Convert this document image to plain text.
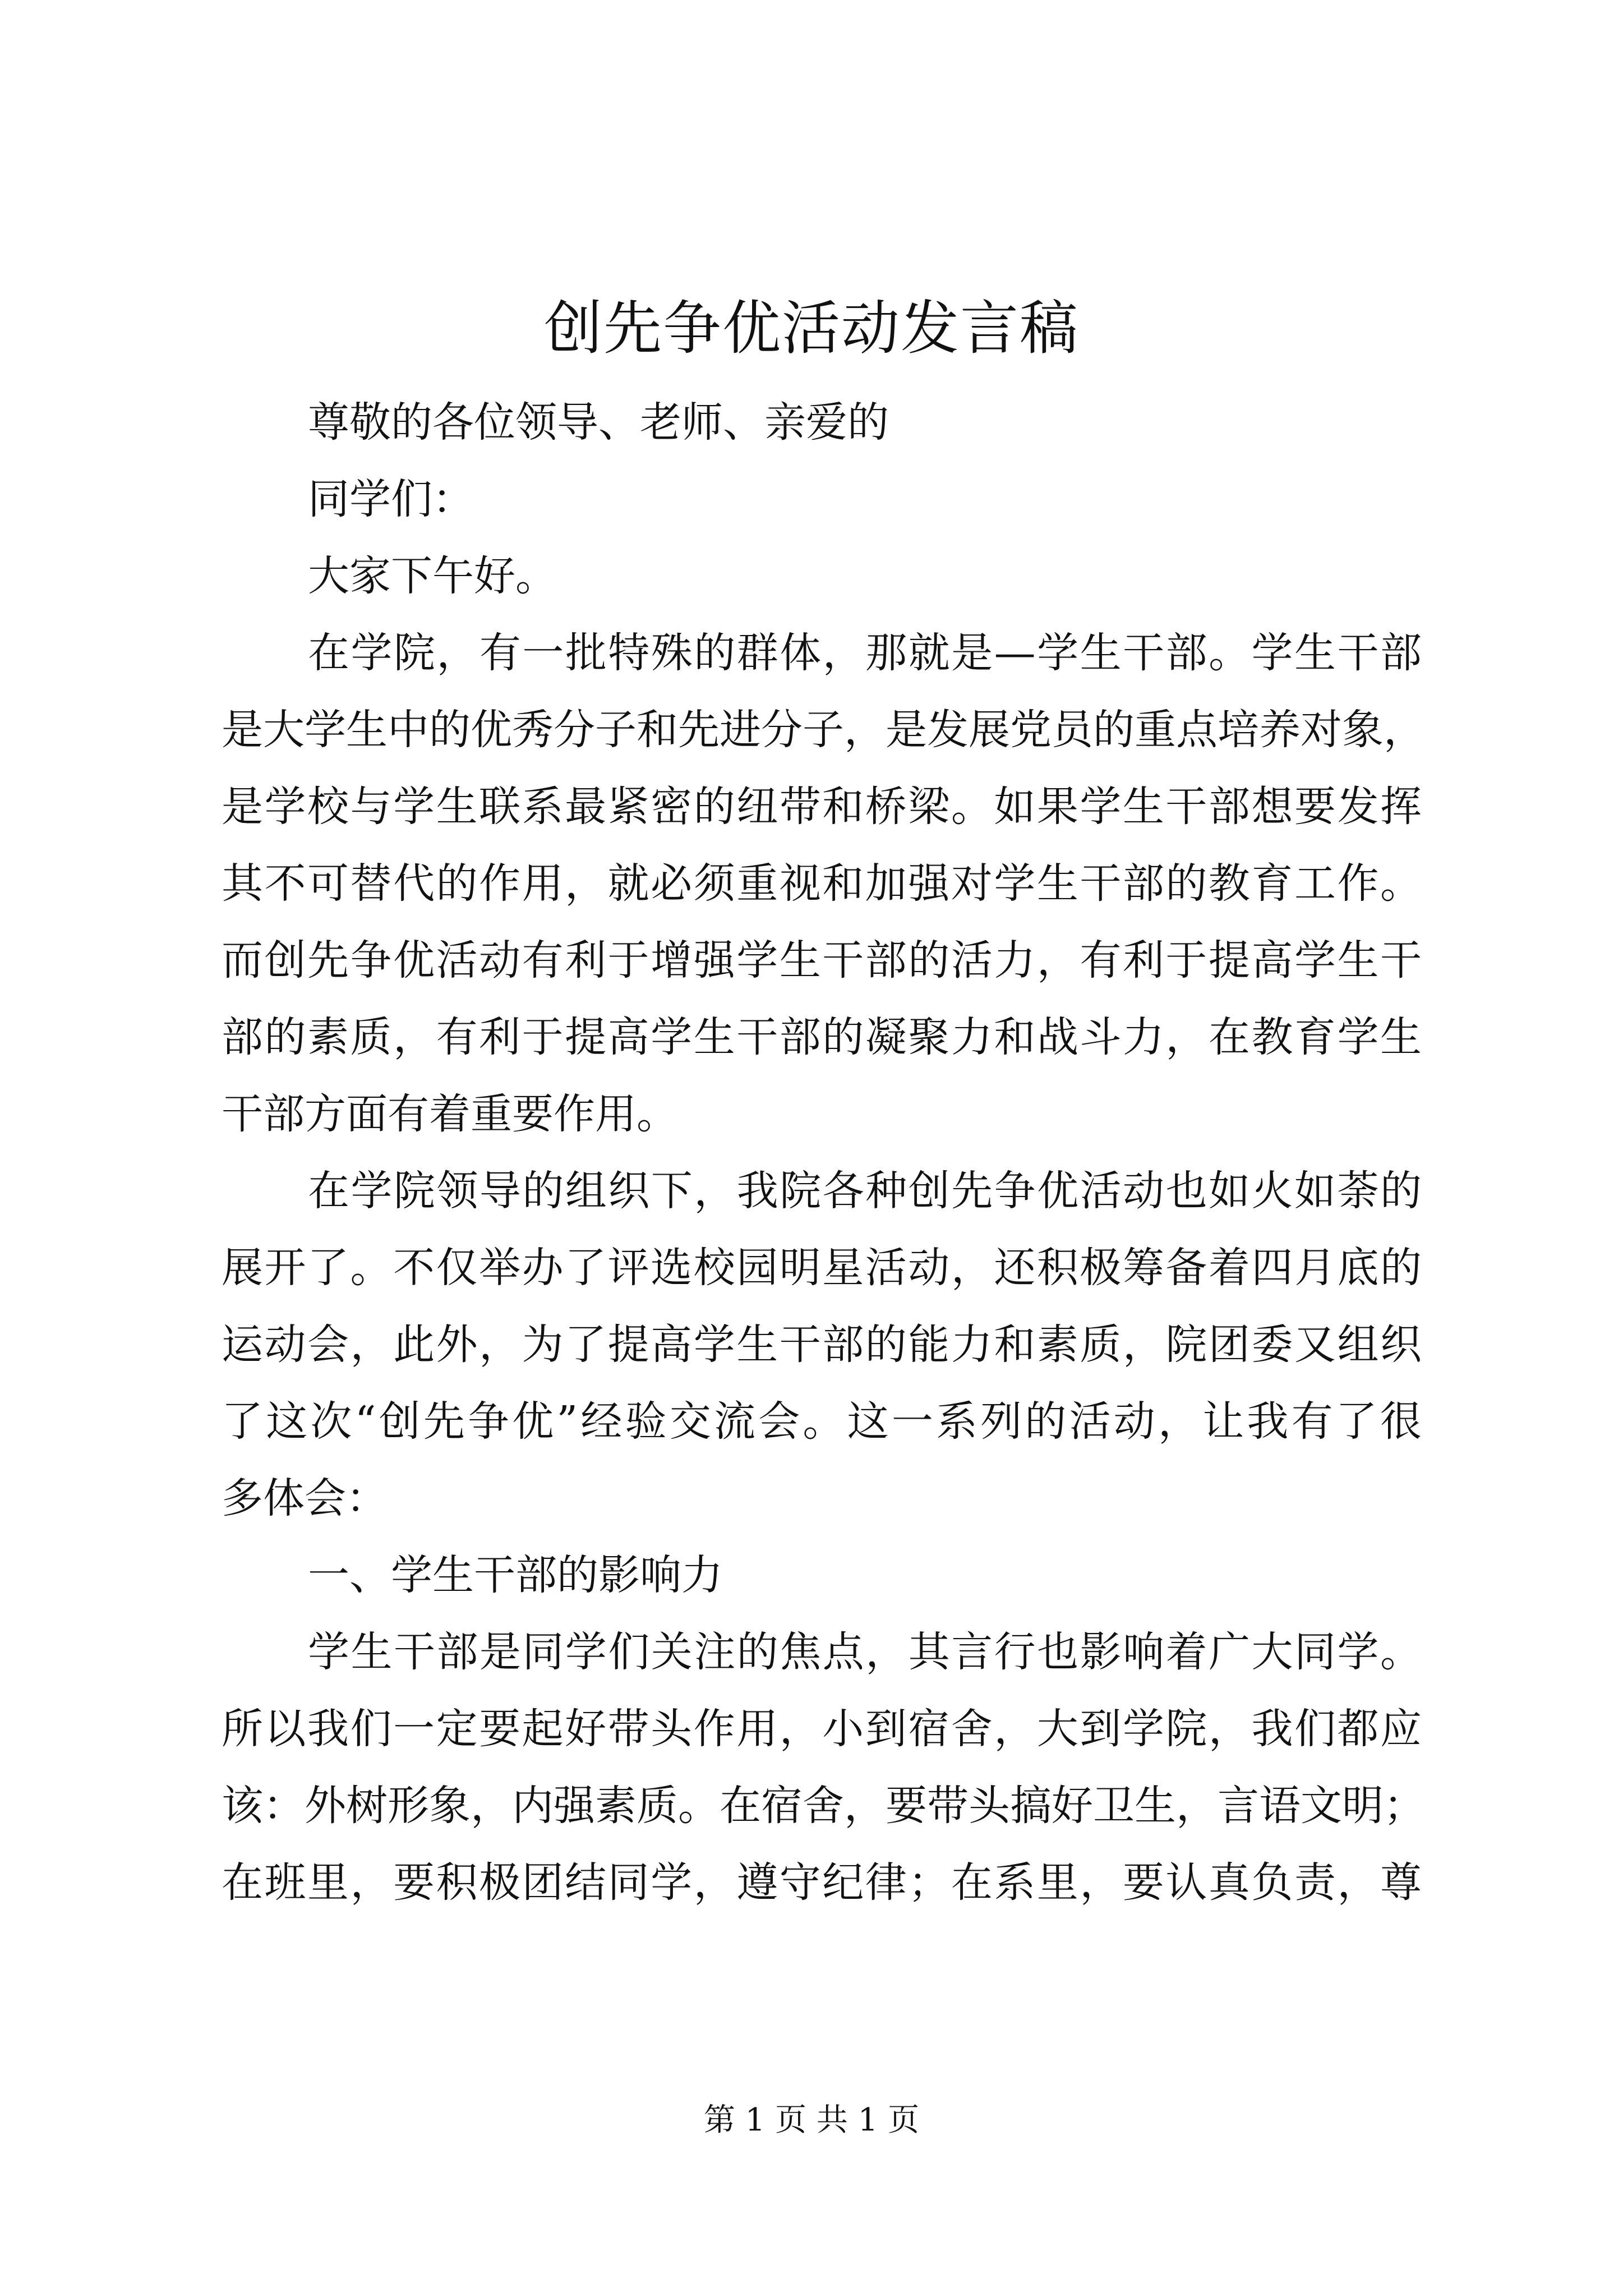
创先争优活动发言稿
尊敬的各位领导、老师、亲爱的
同学们：
大家下午好。
在学院，有一批特殊的群体，那就是—学生干部。学生干部
是大学生中的优秀分子和先进分子，是发展党员的重点培养对象，
是学校与学生联系最紧密的纽带和桥梁。如果学生干部想要发挥
其不可替代的作用，就必须重视和加强对学生干部的教育工作。
而创先争优活动有利于增强学生干部的活力，有利于提高学生干
部的素质，有利于提高学生干部的凝聚力和战斗力，在教育学生
干部方面有着重要作用。
在学院领导的组织下，我院各种创先争优活动也如火如荼的
展开了。不仅举办了评选校园明星活动，还积极筹备着四月底的
运动会，此外，为了提高学生干部的能力和素质，院团委又组织
了这次“创先争优”经验交流会。这一系列的活动，让我有了很
多体会：
一、学生干部的影响力
学生干部是同学们关注的焦点，其言行也影响着广大同学。
所以我们一定要起好带头作用，小到宿舍，大到学院，我们都应
该：外树形象，内强素质。在宿舍，要带头搞好卫生，言语文明；
在班里，要积极团结同学，遵守纪律；在系里，要认真负责，尊
第 1 页 共 1 页
